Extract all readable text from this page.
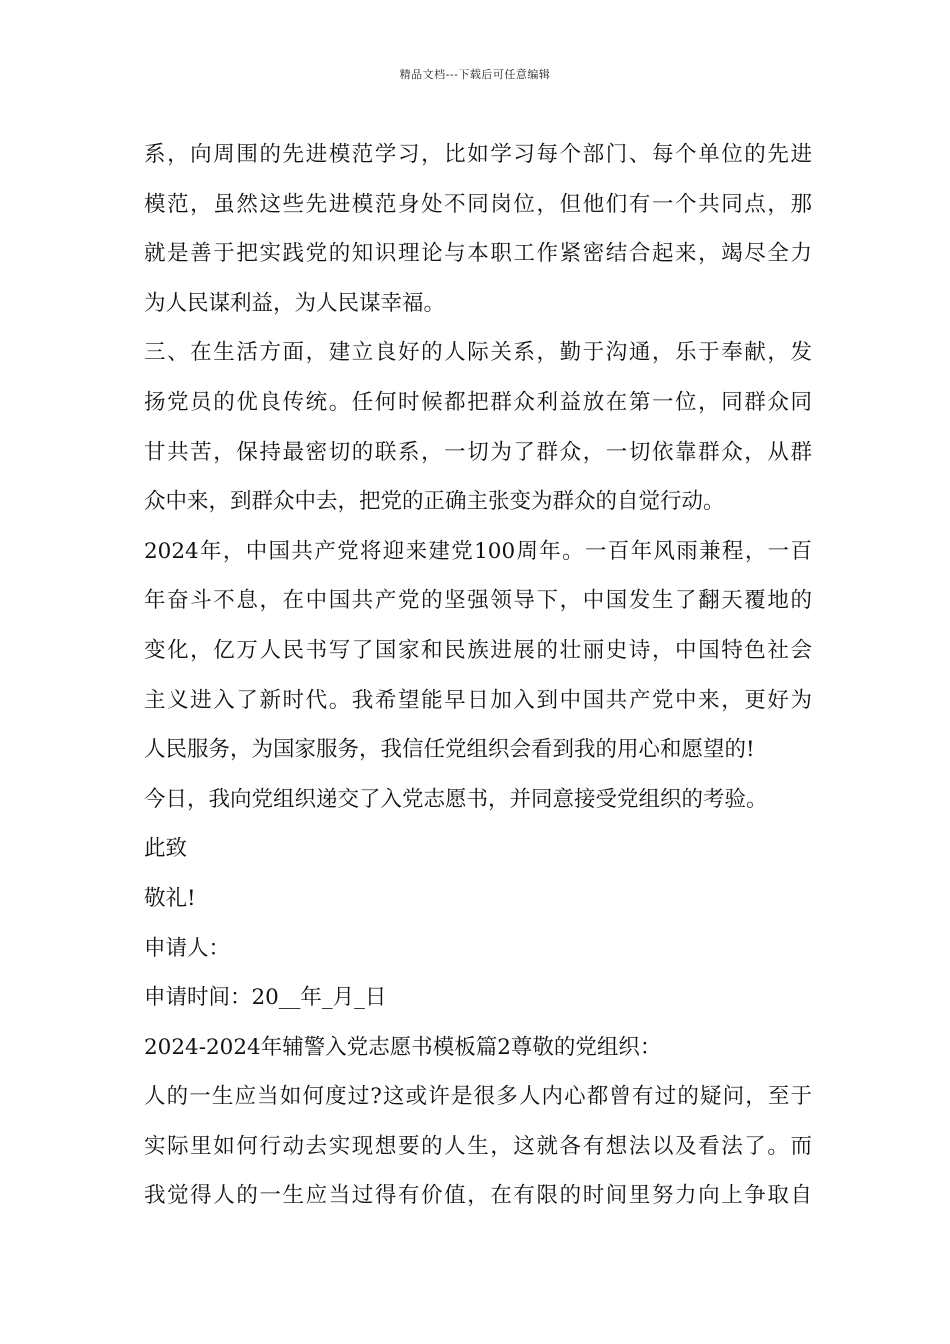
精品文档---下载后可任意编辑
系，向周围的先进模范学习，比如学习每个部门、每个单位的先进
模范，虽然这些先进模范身处不同岗位，但他们有一个共同点，那
就是善于把实践党的知识理论与本职工作紧密结合起来，竭尽全力
为人民谋利益，为人民谋幸福。
三、在生活方面，建立良好的人际关系，勤于沟通，乐于奉献，发
扬党员的优良传统。任何时候都把群众利益放在第一位，同群众同
甘共苦，保持最密切的联系，一切为了群众，一切依靠群众，从群
众中来，到群众中去，把党的正确主张变为群众的自觉行动。
2024年，中国共产党将迎来建党100周年。一百年风雨兼程，一百
年奋斗不息，在中国共产党的坚强领导下，中国发生了翻天覆地的
变化，亿万人民书写了国家和民族进展的壮丽史诗，中国特色社会
主义进入了新时代。我希望能早日加入到中国共产党中来，更好为
人民服务，为国家服务，我信任党组织会看到我的用心和愿望的!
今日，我向党组织递交了入党志愿书，并同意接受党组织的考验。
此致
敬礼!
申请人：
申请时间：20__年_月_日
2024-2024年辅警入党志愿书模板篇2尊敬的党组织：
人的一生应当如何度过?这或许是很多人内心都曾有过的疑问，至于
实际里如何行动去实现想要的人生，这就各有想法以及看法了。而
我觉得人的一生应当过得有价值，在有限的时间里努力向上争取自
